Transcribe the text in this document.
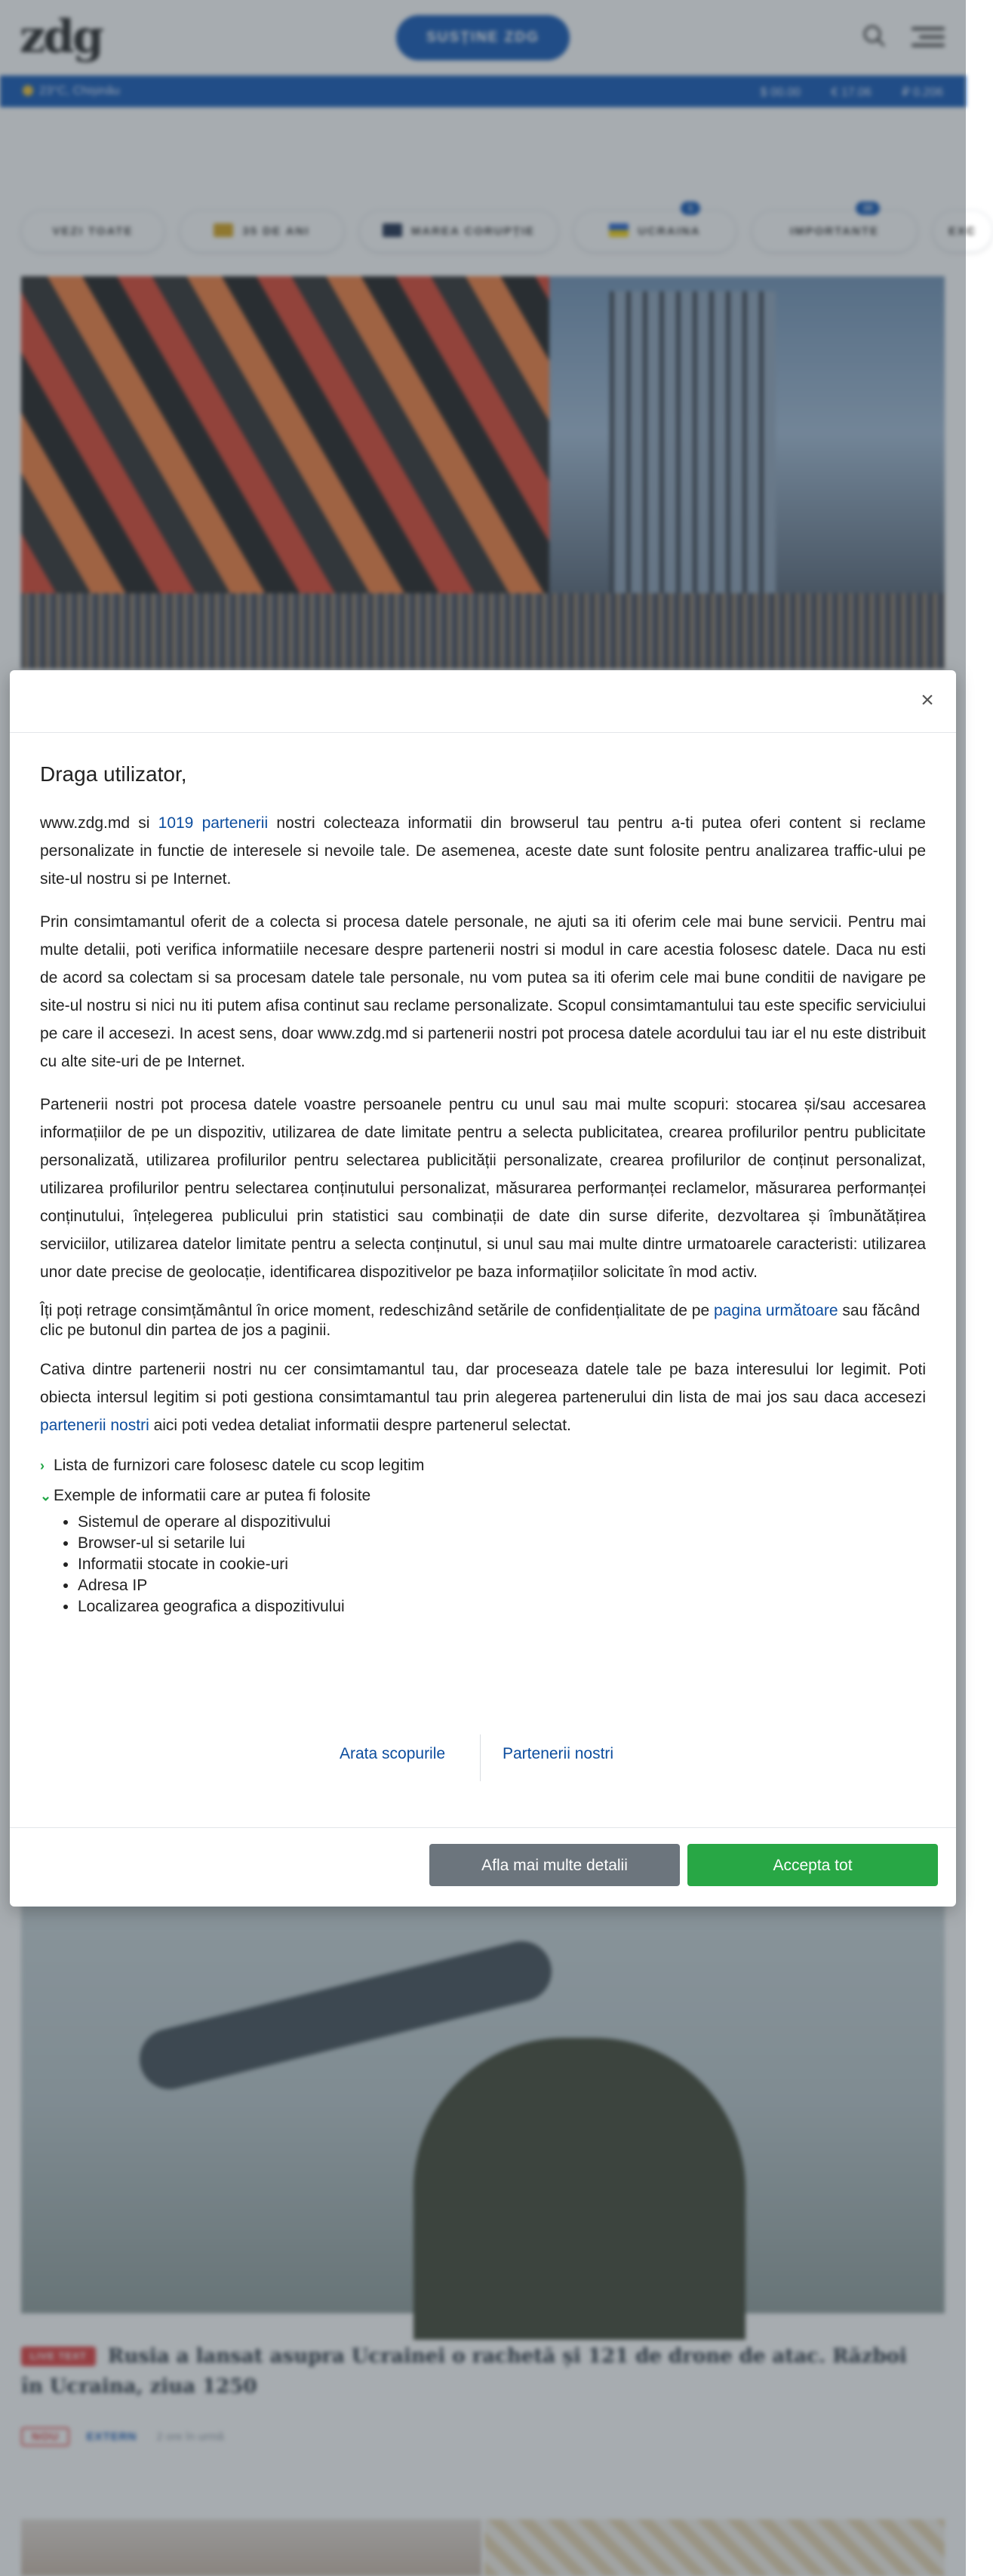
zdg	SUSȚINE ZDG
23°C, Chișinău	$ 00.00	€ 17.06	₽ 0.206
VEZI TOATE	35 DE ANI	MAREA CORUPȚIE	UCRAINA
1
IMPORTANTE
10
EXC
LIVE TEXT Rusia a lansat asupra Ucrainei o rachetă și 121 de drone de atac. Război în Ucraina, ziua 1250
NOU EXTERN 2 ore în urmă
×
Draga utilizator,

www.zdg.md si 1019 partenerii nostri colecteaza informatii din browserul tau pentru a-ti putea oferi content si reclame personalizate in functie de interesele si nevoile tale. De asemenea, aceste date sunt folosite pentru analizarea traffic-ului pe site-ul nostru si pe Internet.

Prin consimtamantul oferit de a colecta si procesa datele personale, ne ajuti sa iti oferim cele mai bune servicii. Pentru mai multe detalii, poti verifica informatiile necesare despre partenerii nostri si modul in care acestia folosesc datele. Daca nu esti de acord sa colectam si sa procesam datele tale personale, nu vom putea sa iti oferim cele mai bune conditii de navigare pe site-ul nostru si nici nu iti putem afisa continut sau reclame personalizate. Scopul consimtamantului tau este specific serviciului pe care il accesezi. In acest sens, doar www.zdg.md si partenerii nostri pot procesa datele acordului tau iar el nu este distribuit cu alte site-uri de pe Internet.

Partenerii nostri pot procesa datele voastre persoanele pentru cu unul sau mai multe scopuri: stocarea și/sau accesarea informațiilor de pe un dispozitiv, utilizarea de date limitate pentru a selecta publicitatea, crearea profilurilor pentru publicitate personalizată, utilizarea profilurilor pentru selectarea publicității personalizate, crearea profilurilor de conținut personalizat, utilizarea profilurilor pentru selectarea conținutului personalizat, măsurarea performanței reclamelor, măsurarea performanței conținutului, înțelegerea publicului prin statistici sau combinații de date din surse diferite, dezvoltarea și îmbunătățirea serviciilor, utilizarea datelor limitate pentru a selecta conținutul, si unul sau mai multe dintre urmatoarele caracteristi: utilizarea unor date precise de geolocație, identificarea dispozitivelor pe baza informațiilor solicitate în mod activ.

Îți poți retrage consimțământul în orice moment, redeschizând setările de confidențialitate de pe pagina următoare sau făcând clic pe butonul din partea de jos a paginii.

Cativa dintre partenerii nostri nu cer consimtamantul tau, dar proceseaza datele tale pe baza interesului lor legimit. Poti obiecta intersul legitim si poti gestiona consimtamantul tau prin alegerea partenerului din lista de mai jos sau daca accesezi partenerii nostri aici poti vedea detaliat informatii despre partenerul selectat.

› Lista de furnizori care folosesc datele cu scop legitim
⌄ Exemple de informatii care ar putea fi folosite
• Sistemul de operare al dispozitivului
• Browser-ul si setarile lui
• Informatii stocate in cookie-uri
• Adresa IP
• Localizarea geografica a dispozitivului
Arata scopurile	Partenerii nostri
Afla mai multe detalii	Accepta tot
